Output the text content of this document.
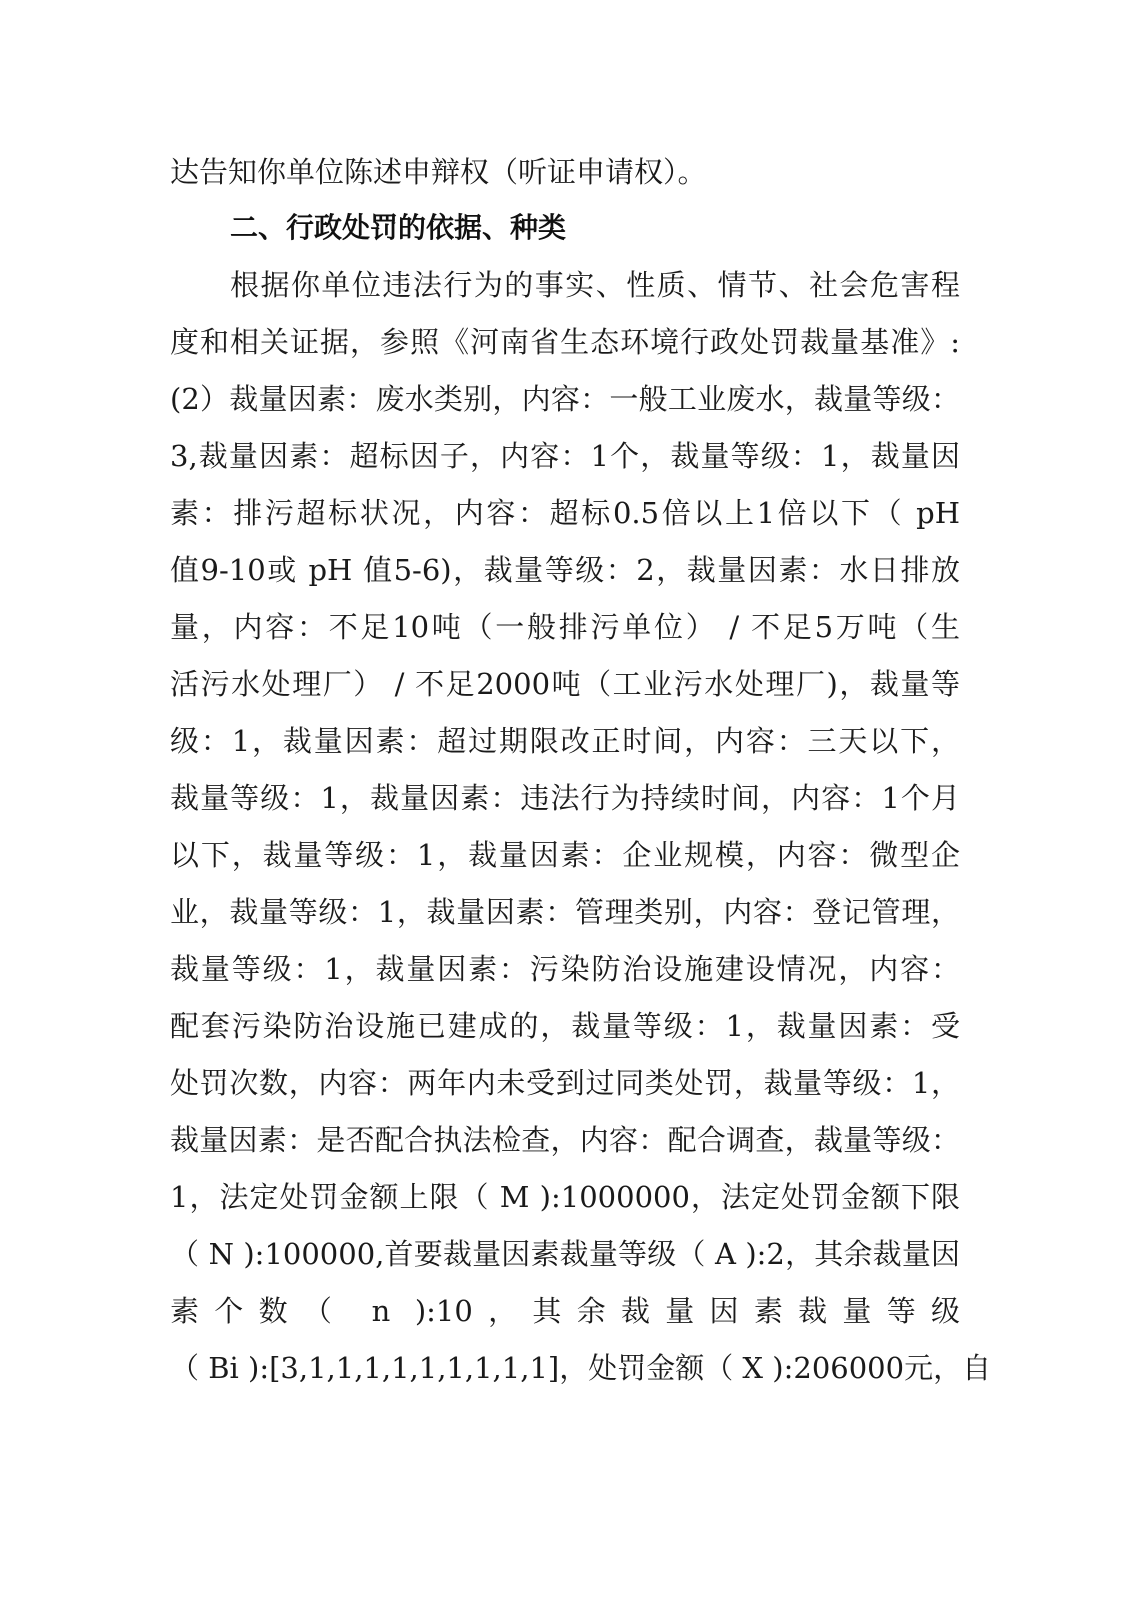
达告知你单位陈述申辩权（听证申请权）。
二、行政处罚的依据、种类
根据你单位违法行为的事实、性质、情节、社会危害程
度和相关证据，参照《河南省生态环境行政处罚裁量基准》:
(2）裁量因素：废水类别，内容：一般工业废水，裁量等级：
3,裁量因素：超标因子，内容：1个，裁量等级：1，裁量因
素：排污超标状况，内容：超标0.5倍以上1倍以下（ pH
值9-10或 pH 值5-6)，裁量等级：2，裁量因素：水日排放
量，内容：不足10吨（一般排污单位） / 不足5万吨（生
活污水处理厂） / 不足2000吨（工业污水处理厂)，裁量等
级：1，裁量因素：超过期限改正时间，内容：三天以下，
裁量等级：1，裁量因素：违法行为持续时间，内容：1个月
以下，裁量等级：1，裁量因素：企业规模，内容：微型企
业，裁量等级：1，裁量因素：管理类别，内容：登记管理，
裁量等级：1，裁量因素：污染防治设施建设情况，内容：
配套污染防治设施已建成的，裁量等级：1，裁量因素：受
处罚次数，内容：两年内未受到过同类处罚，裁量等级：1，
裁量因素：是否配合执法检查，内容：配合调查，裁量等级：
1，法定处罚金额上限（ M ):1000000，法定处罚金额下限
（ N ):100000,首要裁量因素裁量等级（ A ):2，其余裁量因
素个数（ n ):10，其余裁量因素裁量等级
（ Bi ):[3,1,1,1,1,1,1,1,1,1]，处罚金额（ X ):206000元，自
